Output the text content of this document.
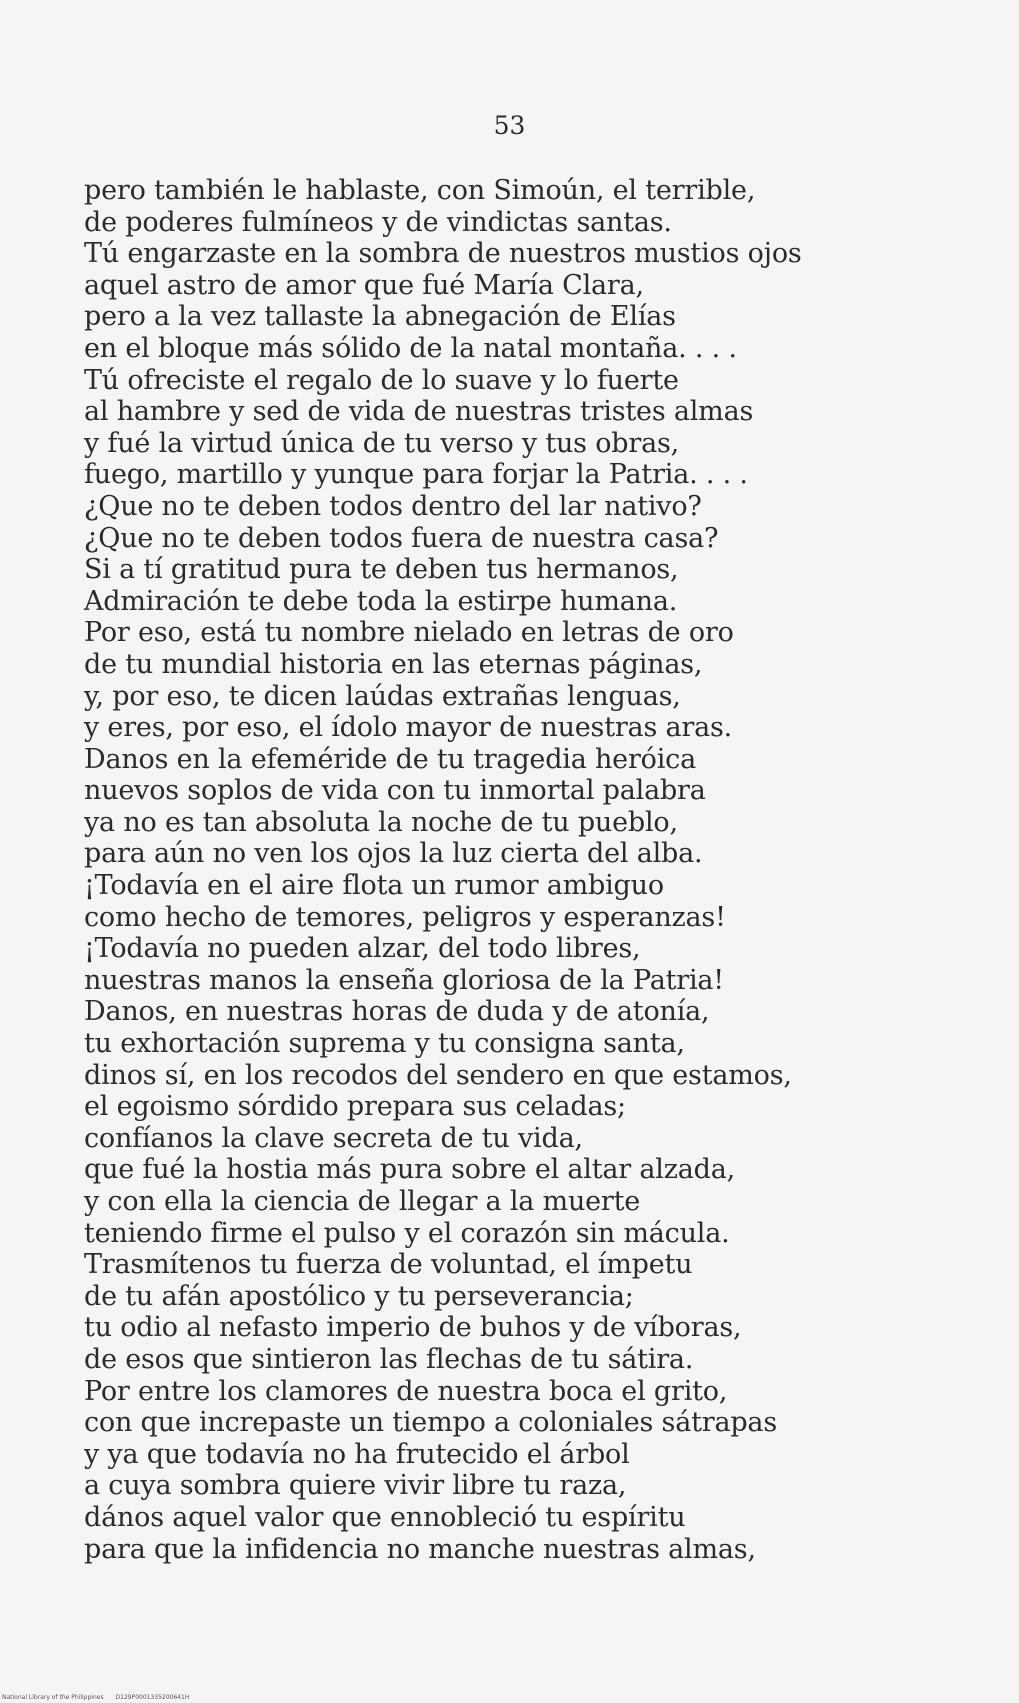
53
pero también le hablaste, con Simoún, el terrible,
de poderes fulmíneos y de vindictas santas.
Tú engarzaste en la sombra de nuestros mustios ojos
aquel astro de amor que fué María Clara,
pero a la vez tallaste la abnegación de Elías
en el bloque más sólido de la natal montaña. . . .
Tú ofreciste el regalo de lo suave y lo fuerte
al hambre y sed de vida de nuestras tristes almas
y fué la virtud única de tu verso y tus obras,
fuego, martillo y yunque para forjar la Patria. . . .
¿Que no te deben todos dentro del lar nativo?
¿Que no te deben todos fuera de nuestra casa?
Si a tí gratitud pura te deben tus hermanos,
Admiración te debe toda la estirpe humana.
Por eso, está tu nombre nielado en letras de oro
de tu mundial historia en las eternas páginas,
y, por eso, te dicen laúdas extrañas lenguas,
y eres, por eso, el ídolo mayor de nuestras aras.
Danos en la efeméride de tu tragedia heróica
nuevos soplos de vida con tu inmortal palabra
ya no es tan absoluta la noche de tu pueblo,
para aún no ven los ojos la luz cierta del alba.
¡Todavía en el aire flota un rumor ambiguo
como hecho de temores, peligros y esperanzas!
¡Todavía no pueden alzar, del todo libres,
nuestras manos la enseña gloriosa de la Patria!
Danos, en nuestras horas de duda y de atonía,
tu exhortación suprema y tu consigna santa,
dinos sí, en los recodos del sendero en que estamos,
el egoismo sórdido prepara sus celadas;
confíanos la clave secreta de tu vida,
que fué la hostia más pura sobre el altar alzada,
y con ella la ciencia de llegar a la muerte
teniendo firme el pulso y el corazón sin mácula.
Trasmítenos tu fuerza de voluntad, el ímpetu
de tu afán apostólico y tu perseverancia;
tu odio al nefasto imperio de buhos y de víboras,
de esos que sintieron las flechas de tu sátira.
Por entre los clamores de nuestra boca el grito,
con que increpaste un tiempo a coloniales sátrapas
y ya que todavía no ha frutecido el árbol
a cuya sombra quiere vivir libre tu raza,
dános aquel valor que ennobleció tu espíritu
para que la infidencia no manche nuestras almas,
National Library of the Philippines D129P0001335200641H
